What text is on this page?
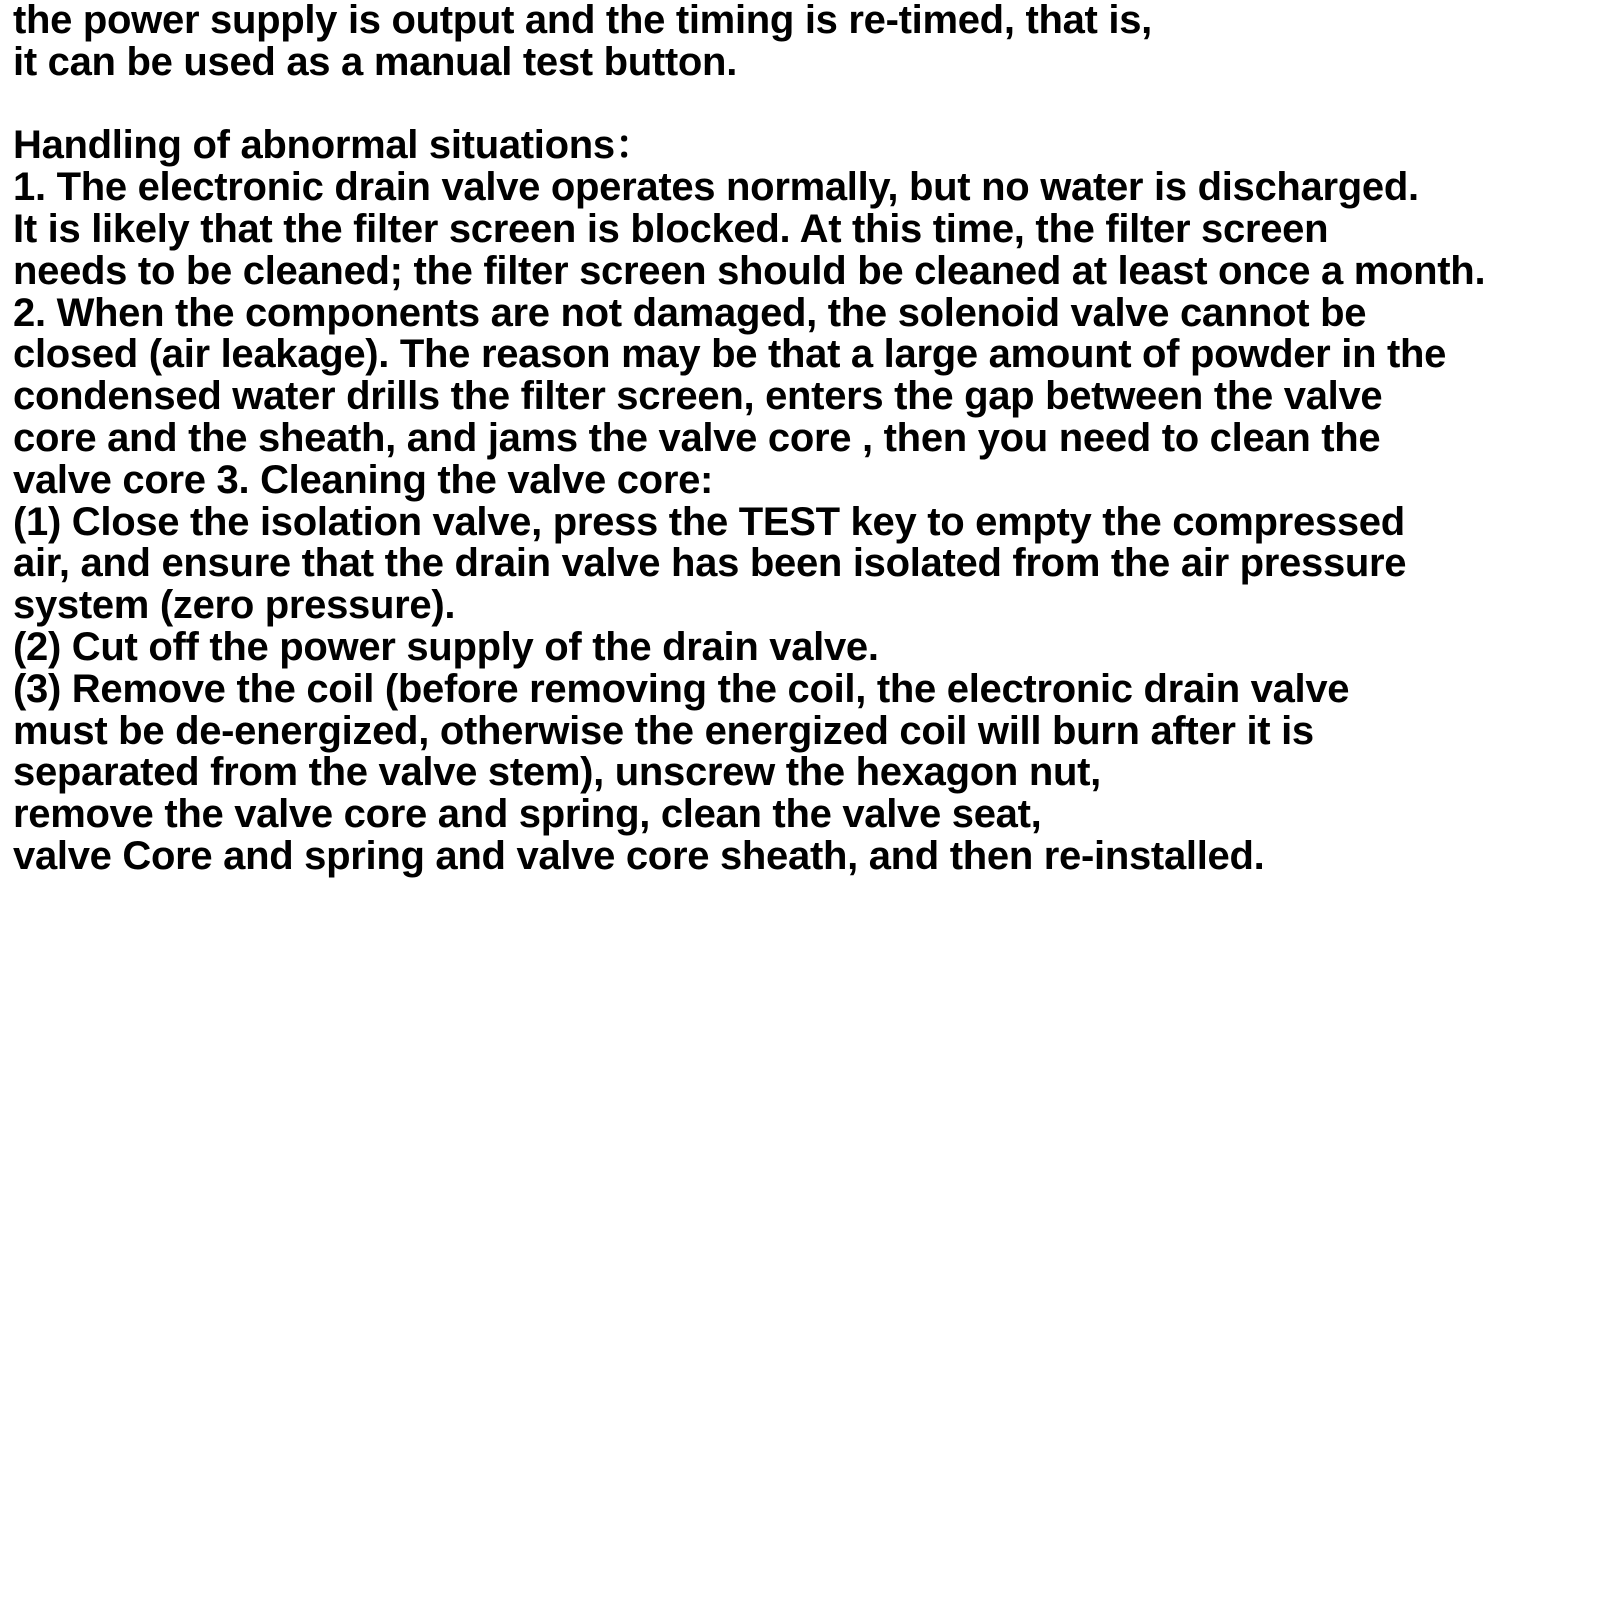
the power supply is output and the timing is re-timed, that is,
it can be used as a manual test button.
Handling of abnormal situations：
1. The electronic drain valve operates normally, but no water is discharged.
It is likely that the filter screen is blocked. At this time, the filter screen
needs to be cleaned; the filter screen should be cleaned at least once a month.
2. When the components are not damaged, the solenoid valve cannot be
closed (air leakage). The reason may be that a large amount of powder in the
condensed water drills the filter screen, enters the gap between the valve
core and the sheath, and jams the valve core , then you need to clean the
valve core 3. Cleaning the valve core:
(1) Close the isolation valve, press the TEST key to empty the compressed
air, and ensure that the drain valve has been isolated from the air pressure
system (zero pressure).
(2) Cut off the power supply of the drain valve.
(3) Remove the coil (before removing the coil, the electronic drain valve
must be de-energized, otherwise the energized coil will burn after it is
separated from the valve stem), unscrew the hexagon nut,
remove the valve core and spring, clean the valve seat,
valve Core and spring and valve core sheath, and then re-installed.
